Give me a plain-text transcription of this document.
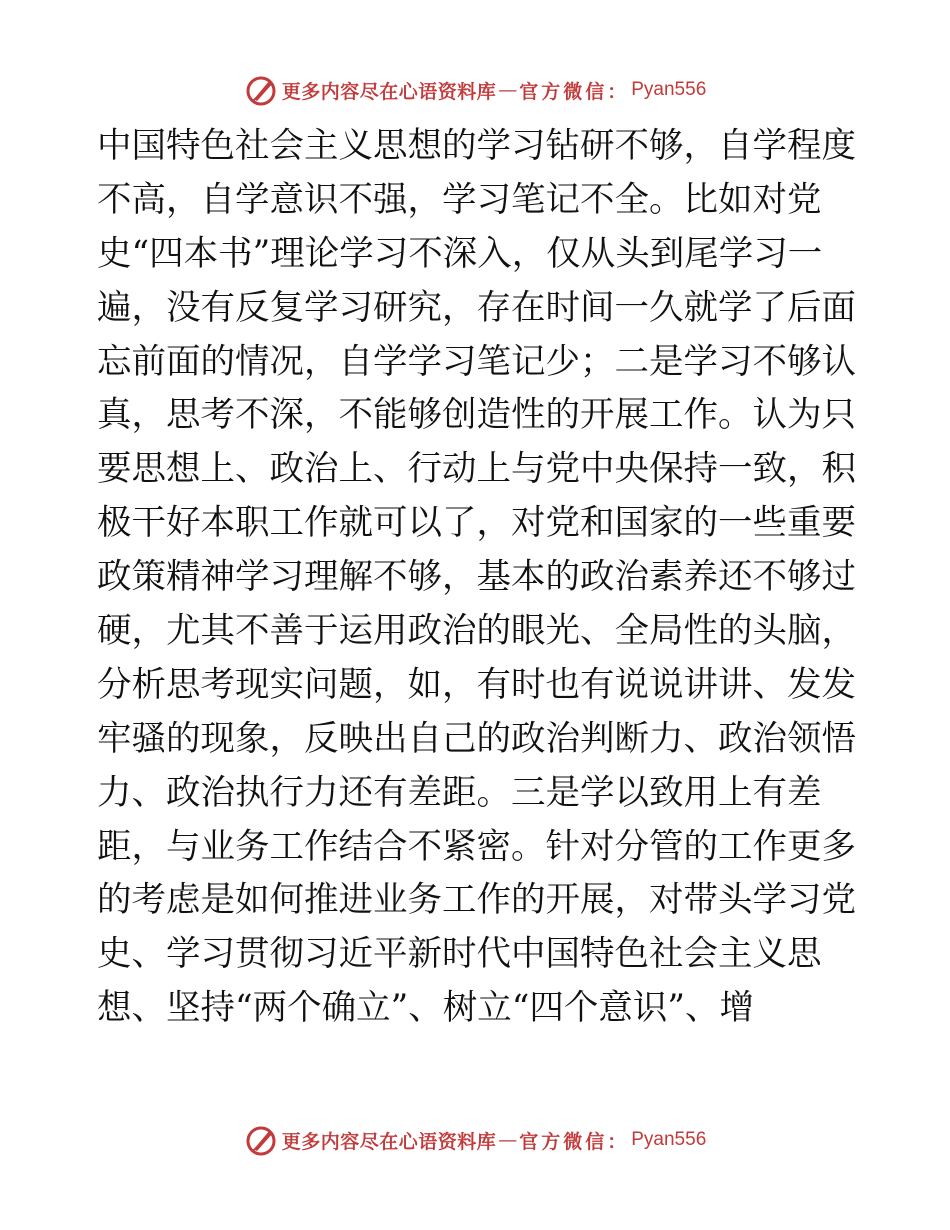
更多内容尽在心语资料库 — 官方微信： Pyan556
中国特色社会主义思想的学习钻研不够，自学程度
不高，自学意识不强，学习笔记不全。比如对党
史“四本书”理论学习不深入，仅从头到尾学习一
遍，没有反复学习研究，存在时间一久就学了后面
忘前面的情况，自学学习笔记少；二是学习不够认
真，思考不深，不能够创造性的开展工作。认为只
要思想上、政治上、行动上与党中央保持一致，积
极干好本职工作就可以了，对党和国家的一些重要
政策精神学习理解不够，基本的政治素养还不够过
硬，尤其不善于运用政治的眼光、全局性的头脑，
分析思考现实问题，如，有时也有说说讲讲、发发
牢骚的现象，反映出自己的政治判断力、政治领悟
力、政治执行力还有差距。三是学以致用上有差
距，与业务工作结合不紧密。针对分管的工作更多
的考虑是如何推进业务工作的开展，对带头学习党
史、学习贯彻习近平新时代中国特色社会主义思
想、坚持“两个确立”、树立“四个意识”、增
更多内容尽在心语资料库 — 官方微信： Pyan556
